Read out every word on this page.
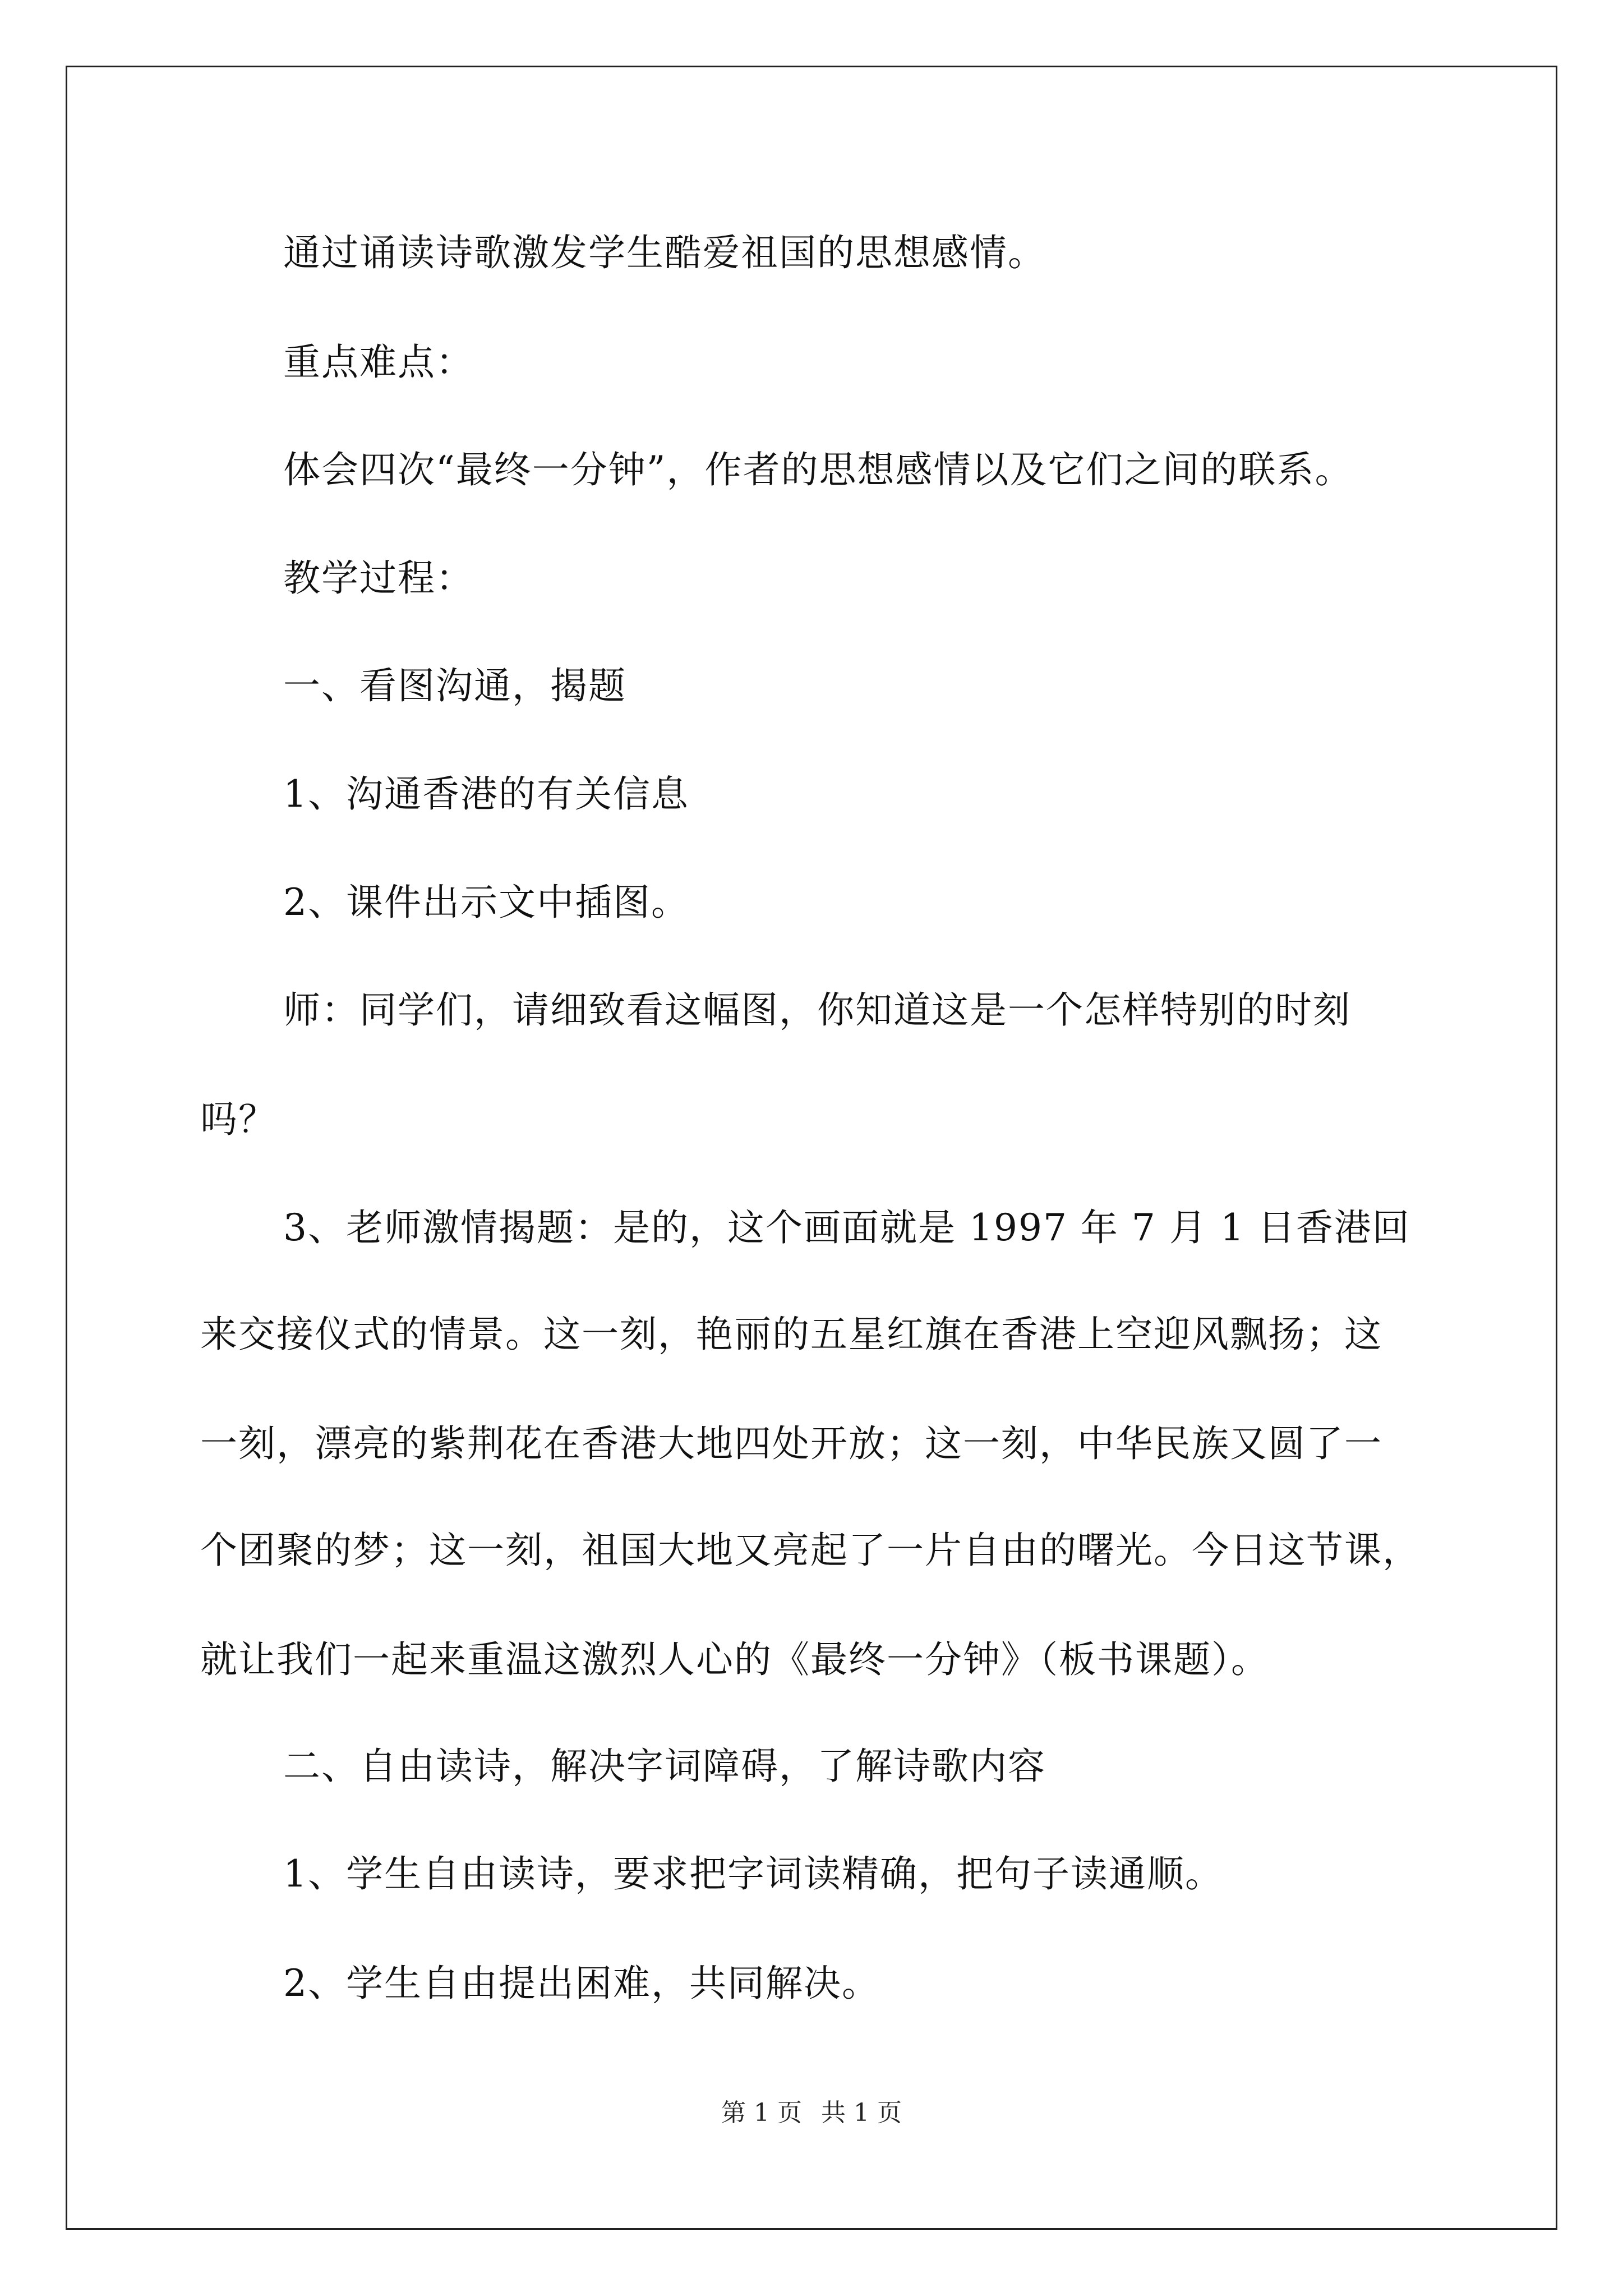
通过诵读诗歌激发学生酷爱祖国的思想感情。
重点难点：
体会四次“最终一分钟”，作者的思想感情以及它们之间的联系。
教学过程：
一、看图沟通，揭题
1、沟通香港的有关信息
2、课件出示文中插图。
师：同学们，请细致看这幅图，你知道这是一个怎样特别的时刻
吗？
3、老师激情揭题：是的，这个画面就是 1997 年 7 月 1 日香港回
来交接仪式的情景。这一刻，艳丽的五星红旗在香港上空迎风飘扬；这
一刻，漂亮的紫荆花在香港大地四处开放；这一刻，中华民族又圆了一
个团聚的梦；这一刻，祖国大地又亮起了一片自由的曙光。今日这节课，
就让我们一起来重温这激烈人心的《最终一分钟》（板书课题）。
二、自由读诗，解决字词障碍，了解诗歌内容
1、学生自由读诗，要求把字词读精确，把句子读通顺。
2、学生自由提出困难，共同解决。
第 1 页 共 1 页
